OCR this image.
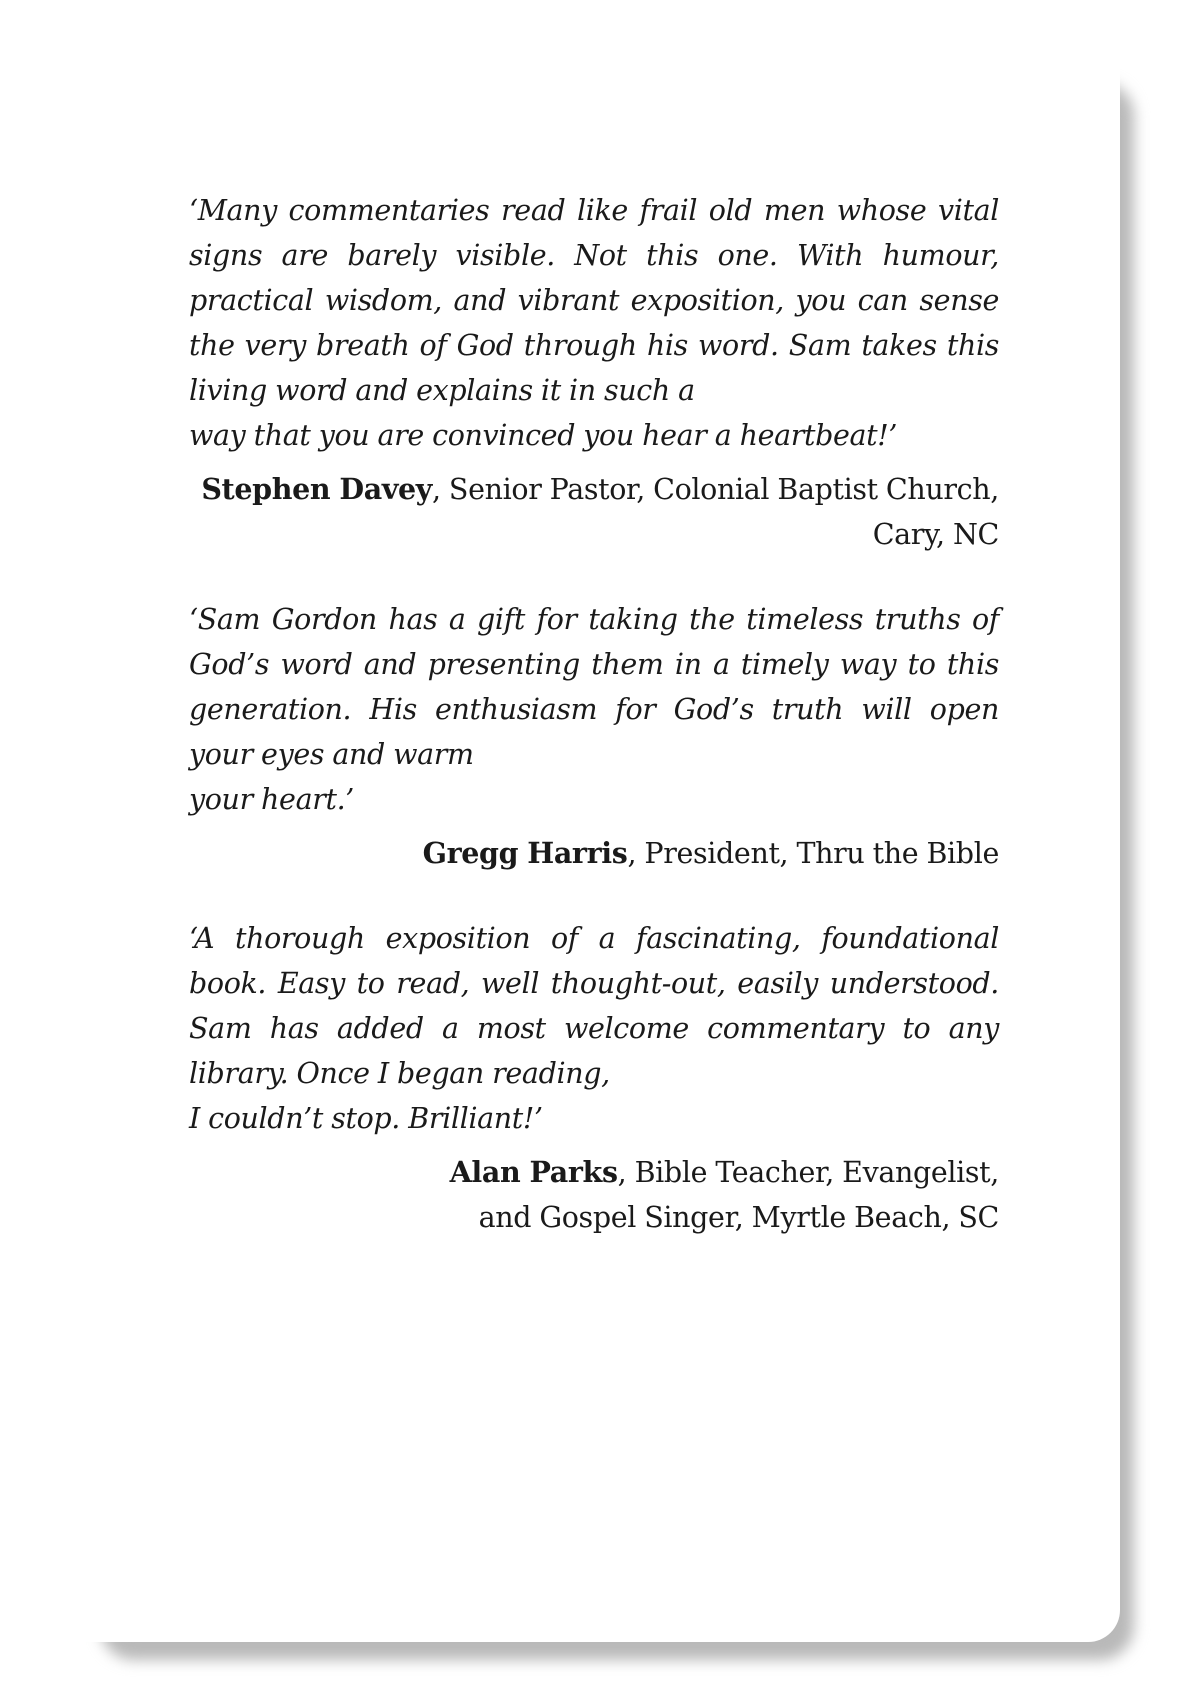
‘Many commentaries read like frail old men whose vital signs are barely visible. Not this one. With humour, practical wisdom, and vibrant exposition, you can sense the very breath of God through his word. Sam takes this living word and explains it in such a
way that you are convinced you hear a heartbeat!’

Stephen Davey, Senior Pastor, Colonial Baptist Church,
Cary, NC

‘Sam Gordon has a gift for taking the timeless truths of God’s word and presenting them in a timely way to this generation. His enthusiasm for God’s truth will open your eyes and warm
your heart.’

Gregg Harris, President, Thru the Bible

‘A thorough exposition of a fascinating, foundational book. Easy to read, well thought-out, easily understood. Sam has added a most welcome commentary to any library. Once I began reading,
I couldn’t stop. Brilliant!’

Alan Parks, Bible Teacher, Evangelist,
and Gospel Singer, Myrtle Beach, SC
